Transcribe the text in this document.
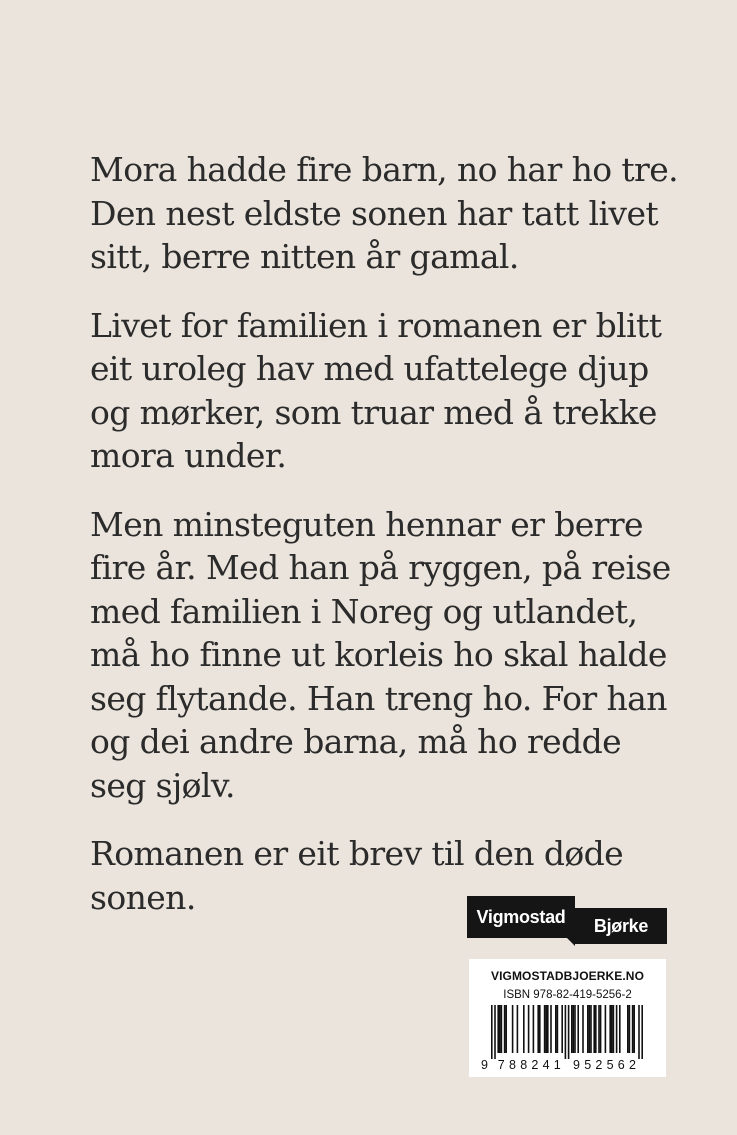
Mora hadde fire barn, no har ho tre.
Den nest eldste sonen har tatt livet
sitt, berre nitten år gamal.

Livet for familien i romanen er blitt
eit uroleg hav med ufattelege djup
og mørker, som truar med å trekke
mora under.

Men minsteguten hennar er berre
fire år. Med han på ryggen, på reise
med familien i Noreg og utlandet,
må ho finne ut korleis ho skal halde
seg flytande. Han treng ho. For han
og dei andre barna, må ho redde
seg sjølv.

Romanen er eit brev til den døde
sonen.

Vigmostad	Bjørke
VIGMOSTADBJOERKE.NO
ISBN 978-82-419-5256-2
9 7	9
8	5
8	2
2	5
4	6
1	2
